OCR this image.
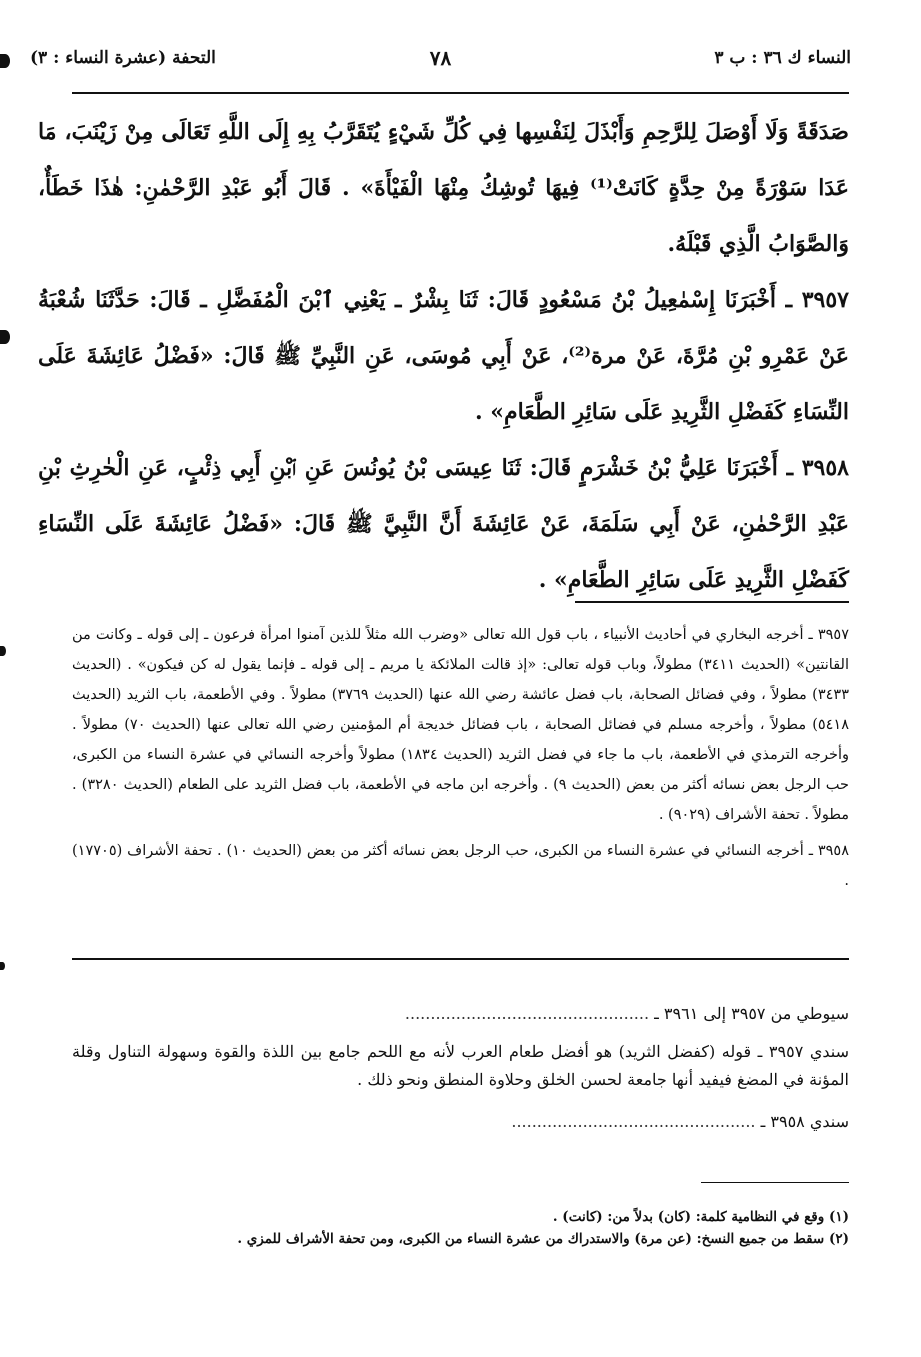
النساء ك ٣٦ : ب ٣
٧٨
التحفة (عشرة النساء : ٣)

صَدَقَةً وَلَا أَوْصَلَ لِلرَّحِمِ وَأَبْذَلَ لِنَفْسِها فِي كُلِّ شَيْءٍ يُتَقَرَّبُ بِهِ إِلَى اللَّهِ تَعَالَى مِنْ زَيْنَبَ، مَا عَدَا سَوْرَةً مِنْ حِدَّةٍ كَانَتْ⁽¹⁾ فِيهَا تُوشِكُ مِنْهَا الْفَيْأَةَ» . قَالَ أَبُو عَبْدِ الرَّحْمٰنِ: هٰذَا خَطَأٌ، وَالصَّوَابُ الَّذِي قَبْلَهُ.

٣٩٥٧ ـ أَخْبَرَنَا إِسْمٰعِيلُ بْنُ مَسْعُودٍ قَالَ: ثَنَا بِشْرٌ ـ يَعْنِي ٱبْنَ الْمُفَضَّلِ ـ قَالَ: حَدَّثَنَا شُعْبَةُ عَنْ عَمْرِو بْنِ مُرَّةَ، عَنْ مرة⁽²⁾، عَنْ أَبِي مُوسَى، عَنِ النَّبِيِّ ﷺ قَالَ: «فَضْلُ عَائِشَةَ عَلَى النِّسَاءِ كَفَضْلِ الثَّرِيدِ عَلَى سَائِرِ الطَّعَامِ» .

٣٩٥٨ ـ أَخْبَرَنَا عَلِيُّ بْنُ خَشْرَمٍ قَالَ: ثَنَا عِيسَى بْنُ يُونُسَ عَنِ ٱبْنِ أَبِي ذِئْبٍ، عَنِ الْحٰرِثِ بْنِ عَبْدِ الرَّحْمٰنِ، عَنْ أَبِي سَلَمَةَ، عَنْ عَائِشَةَ أَنَّ النَّبِيَّ ﷺ قَالَ: «فَضْلُ عَائِشَةَ عَلَى النِّسَاءِ كَفَضْلِ الثَّرِيدِ عَلَى سَائِرِ الطَّعَامِ» .

٣٩٥٧ ـ أخرجه البخاري في أحاديث الأنبياء ، باب قول الله تعالى «وضرب الله مثلاً للذين آمنوا امرأة فرعون ـ إلى قوله ـ وكانت من القانتين» (الحديث ٣٤١١) مطولاً، وباب قوله تعالى: «إذ قالت الملائكة يا مريم ـ إلى قوله ـ فإنما يقول له كن فيكون» . (الحديث ٣٤٣٣) مطولاً ، وفي فضائل الصحابة، باب فضل عائشة رضي الله عنها (الحديث ٣٧٦٩) مطولاً . وفي الأطعمة، باب الثريد (الحديث ٥٤١٨) مطولاً ، وأخرجه مسلم في فضائل الصحابة ، باب فضائل خديجة أم المؤمنين رضي الله تعالى عنها (الحديث ٧٠) مطولاً . وأخرجه الترمذي في الأطعمة، باب ما جاء في فضل الثريد (الحديث ١٨٣٤) مطولاً وأخرجه النسائي في عشرة النساء من الكبرى، حب الرجل بعض نسائه أكثر من بعض (الحديث ٩) . وأخرجه ابن ماجه في الأطعمة، باب فضل الثريد على الطعام (الحديث ٣٢٨٠) . مطولاً . تحفة الأشراف (٩٠٢٩) .

٣٩٥٨ ـ أخرجه النسائي في عشرة النساء من الكبرى، حب الرجل بعض نسائه أكثر من بعض (الحديث ١٠) . تحفة الأشراف (١٧٧٠٥) .

سيوطي من ٣٩٥٧ إلى ٣٩٦١ ـ ................................................

سندي ٣٩٥٧ ـ قوله (كفضل الثريد) هو أفضل طعام العرب لأنه مع اللحم جامع بين اللذة والقوة وسهولة التناول وقلة المؤنة في المضغ فيفيد أنها جامعة لحسن الخلق وحلاوة المنطق ونحو ذلك .

سندي ٣٩٥٨ ـ ................................................

(١) وقع في النظامية كلمة: (كان) بدلاً من: (كانت) .

(٢) سقط من جميع النسخ: (عن مرة) والاستدراك من عشرة النساء من الكبرى، ومن تحفة الأشراف للمزي .
